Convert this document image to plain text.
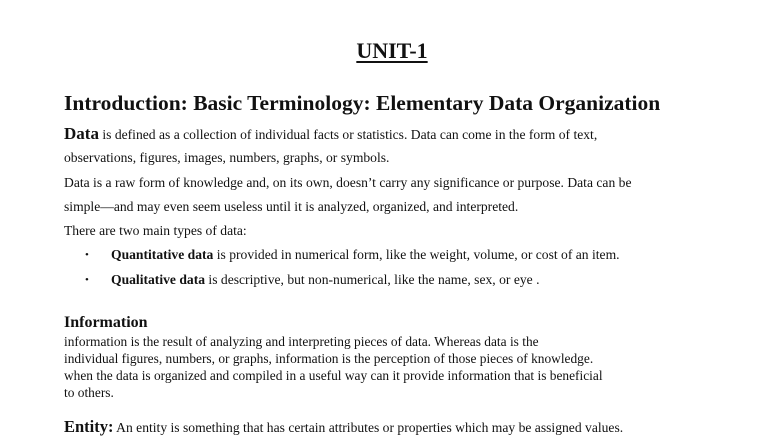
UNIT-1
Introduction: Basic Terminology: Elementary Data Organization
Data is defined as a collection of individual facts or statistics. Data can come in the form of text,
observations, figures, images, numbers, graphs, or symbols.
Data is a raw form of knowledge and, on its own, doesn’t carry any significance or purpose. Data can be
simple—and may even seem useless until it is analyzed, organized, and interpreted.
There are two main types of data:
• Quantitative data is provided in numerical form, like the weight, volume, or cost of an item.
• Qualitative data is descriptive, but non-numerical, like the name, sex, or eye .
Information
information is the result of analyzing and interpreting pieces of data. Whereas data is the
individual figures, numbers, or graphs, information is the perception of those pieces of knowledge.
when the data is organized and compiled in a useful way can it provide information that is beneficial
to others.
Entity: An entity is something that has certain attributes or properties which may be assigned values.
